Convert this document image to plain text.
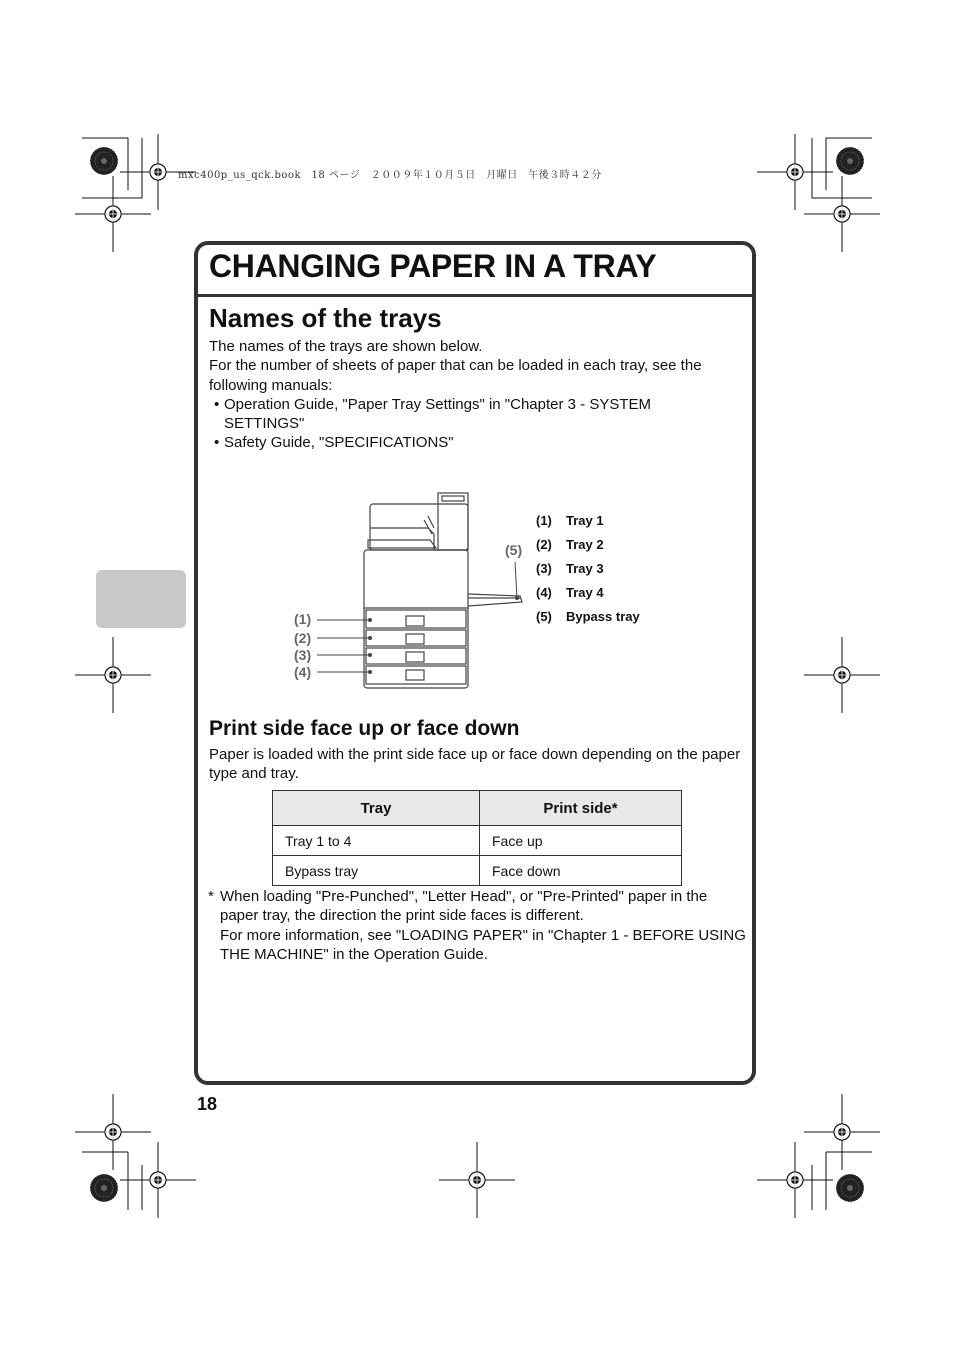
mxc400p_us_qck.book　18 ページ　２００９年１０月５日　月曜日　午後３時４２分
CHANGING PAPER IN A TRAY
Names of the trays
The names of the trays are shown below.
For the number of sheets of paper that can be loaded in each tray, see the following manuals:
• Operation Guide, "Paper Tray Settings" in "Chapter 3 - SYSTEM SETTINGS"
• Safety Guide, "SPECIFICATIONS"
(1)
(2)
(3)
(4)
(5)
(1) Tray 1
(2) Tray 2
(3) Tray 3
(4) Tray 4
(5) Bypass tray
Print side face up or face down
Paper is loaded with the print side face up or face down depending on the paper type and tray.
Tray	Print side*
Tray 1 to 4	Face up
Bypass tray	Face down
* When loading "Pre-Punched", "Letter Head", or "Pre-Printed" paper in the paper tray, the direction the print side faces is different.
For more information, see "LOADING PAPER" in "Chapter 1 - BEFORE USING THE MACHINE" in the Operation Guide.
18
